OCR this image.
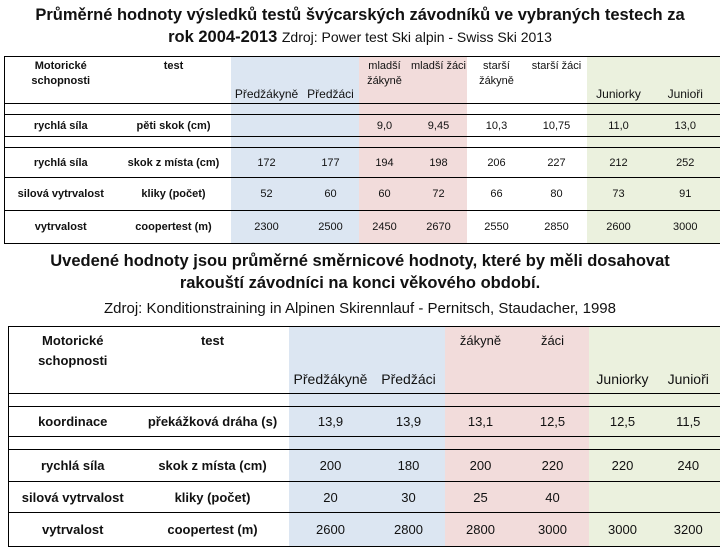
Průměrné hodnoty výsledků testů švýcarských závodníků ve vybraných testech za
rok 2004-2013 Zdroj: Power test Ski alpin - Swiss Ski 2013
Motorické schopnosti	test	Předžákyně	Předžáci	mladší žákyně	mladší žáci	starší žákyně	starší žáci	Juniorky	Junioři

rychlá síla	pěti skok (cm)			9,0	9,45	10,3	10,75	11,0	13,0

rychlá síla	skok z místa (cm)	172	177	194	198	206	227	212	252
silová vytrvalost	kliky (počet)	52	60	60	72	66	80	73	91
vytrvalost	coopertest (m)	2300	2500	2450	2670	2550	2850	2600	3000
Uvedené hodnoty jsou průměrné směrnicové hodnoty, které by měli dosahovat
rakouští závodníci na konci věkového období.
Zdroj: Konditionstraining in Alpinen Skirennlauf - Pernitsch, Staudacher, 1998
Motorické schopnosti	test	Předžákyně	Předžáci	žákyně	žáci	Juniorky	Junioři

koordinace	překážková dráha (s)	13,9	13,9	13,1	12,5	12,5	11,5

rychlá síla	skok z místa (cm)	200	180	200	220	220	240
silová vytrvalost	kliky (počet)	20	30	25	40		
vytrvalost	coopertest (m)	2600	2800	2800	3000	3000	3200
